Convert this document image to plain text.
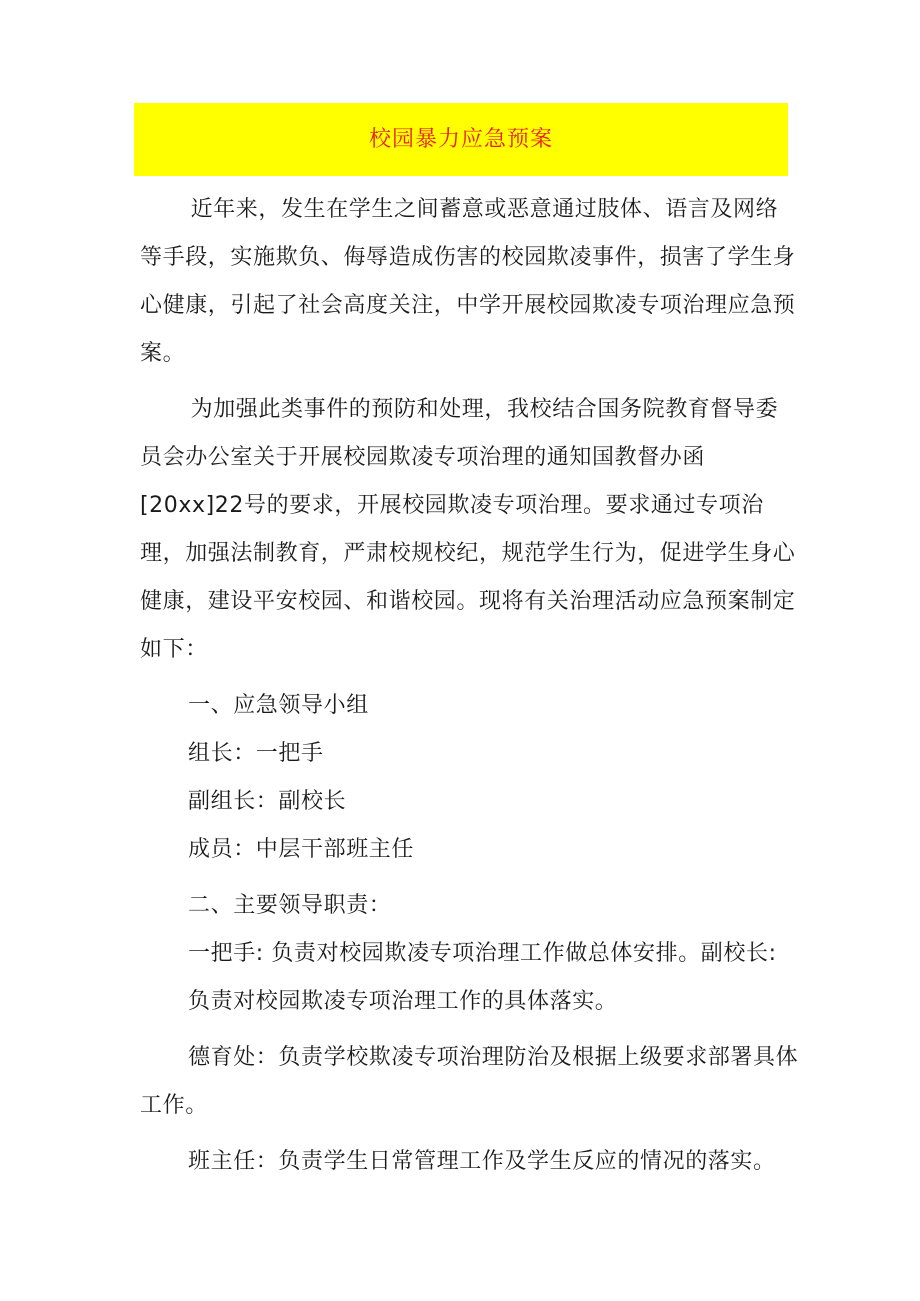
校园暴力应急预案

近年来，发生在学生之间蓄意或恶意通过肢体、语言及网络等手段，实施欺负、侮辱造成伤害的校园欺凌事件，损害了学生身心健康，引起了社会高度关注，中学开展校园欺凌专项治理应急预案。

为加强此类事件的预防和处理，我校结合国务院教育督导委员会办公室关于开展校园欺凌专项治理的通知国教督办函[20xx]22号的要求，开展校园欺凌专项治理。要求通过专项治理，加强法制教育，严肃校规校纪，规范学生行为，促进学生身心健康，建设平安校园、和谐校园。现将有关治理活动应急预案制定如下：

一、应急领导小组

组长：一把手

副组长：副校长

成员：中层干部班主任

二、主要领导职责：

一把手: 负责对校园欺凌专项治理工作做总体安排。副校长:

负责对校园欺凌专项治理工作的具体落实。

德育处：负责学校欺凌专项治理防治及根据上级要求部署具体工作。

班主任：负责学生日常管理工作及学生反应的情况的落实。
